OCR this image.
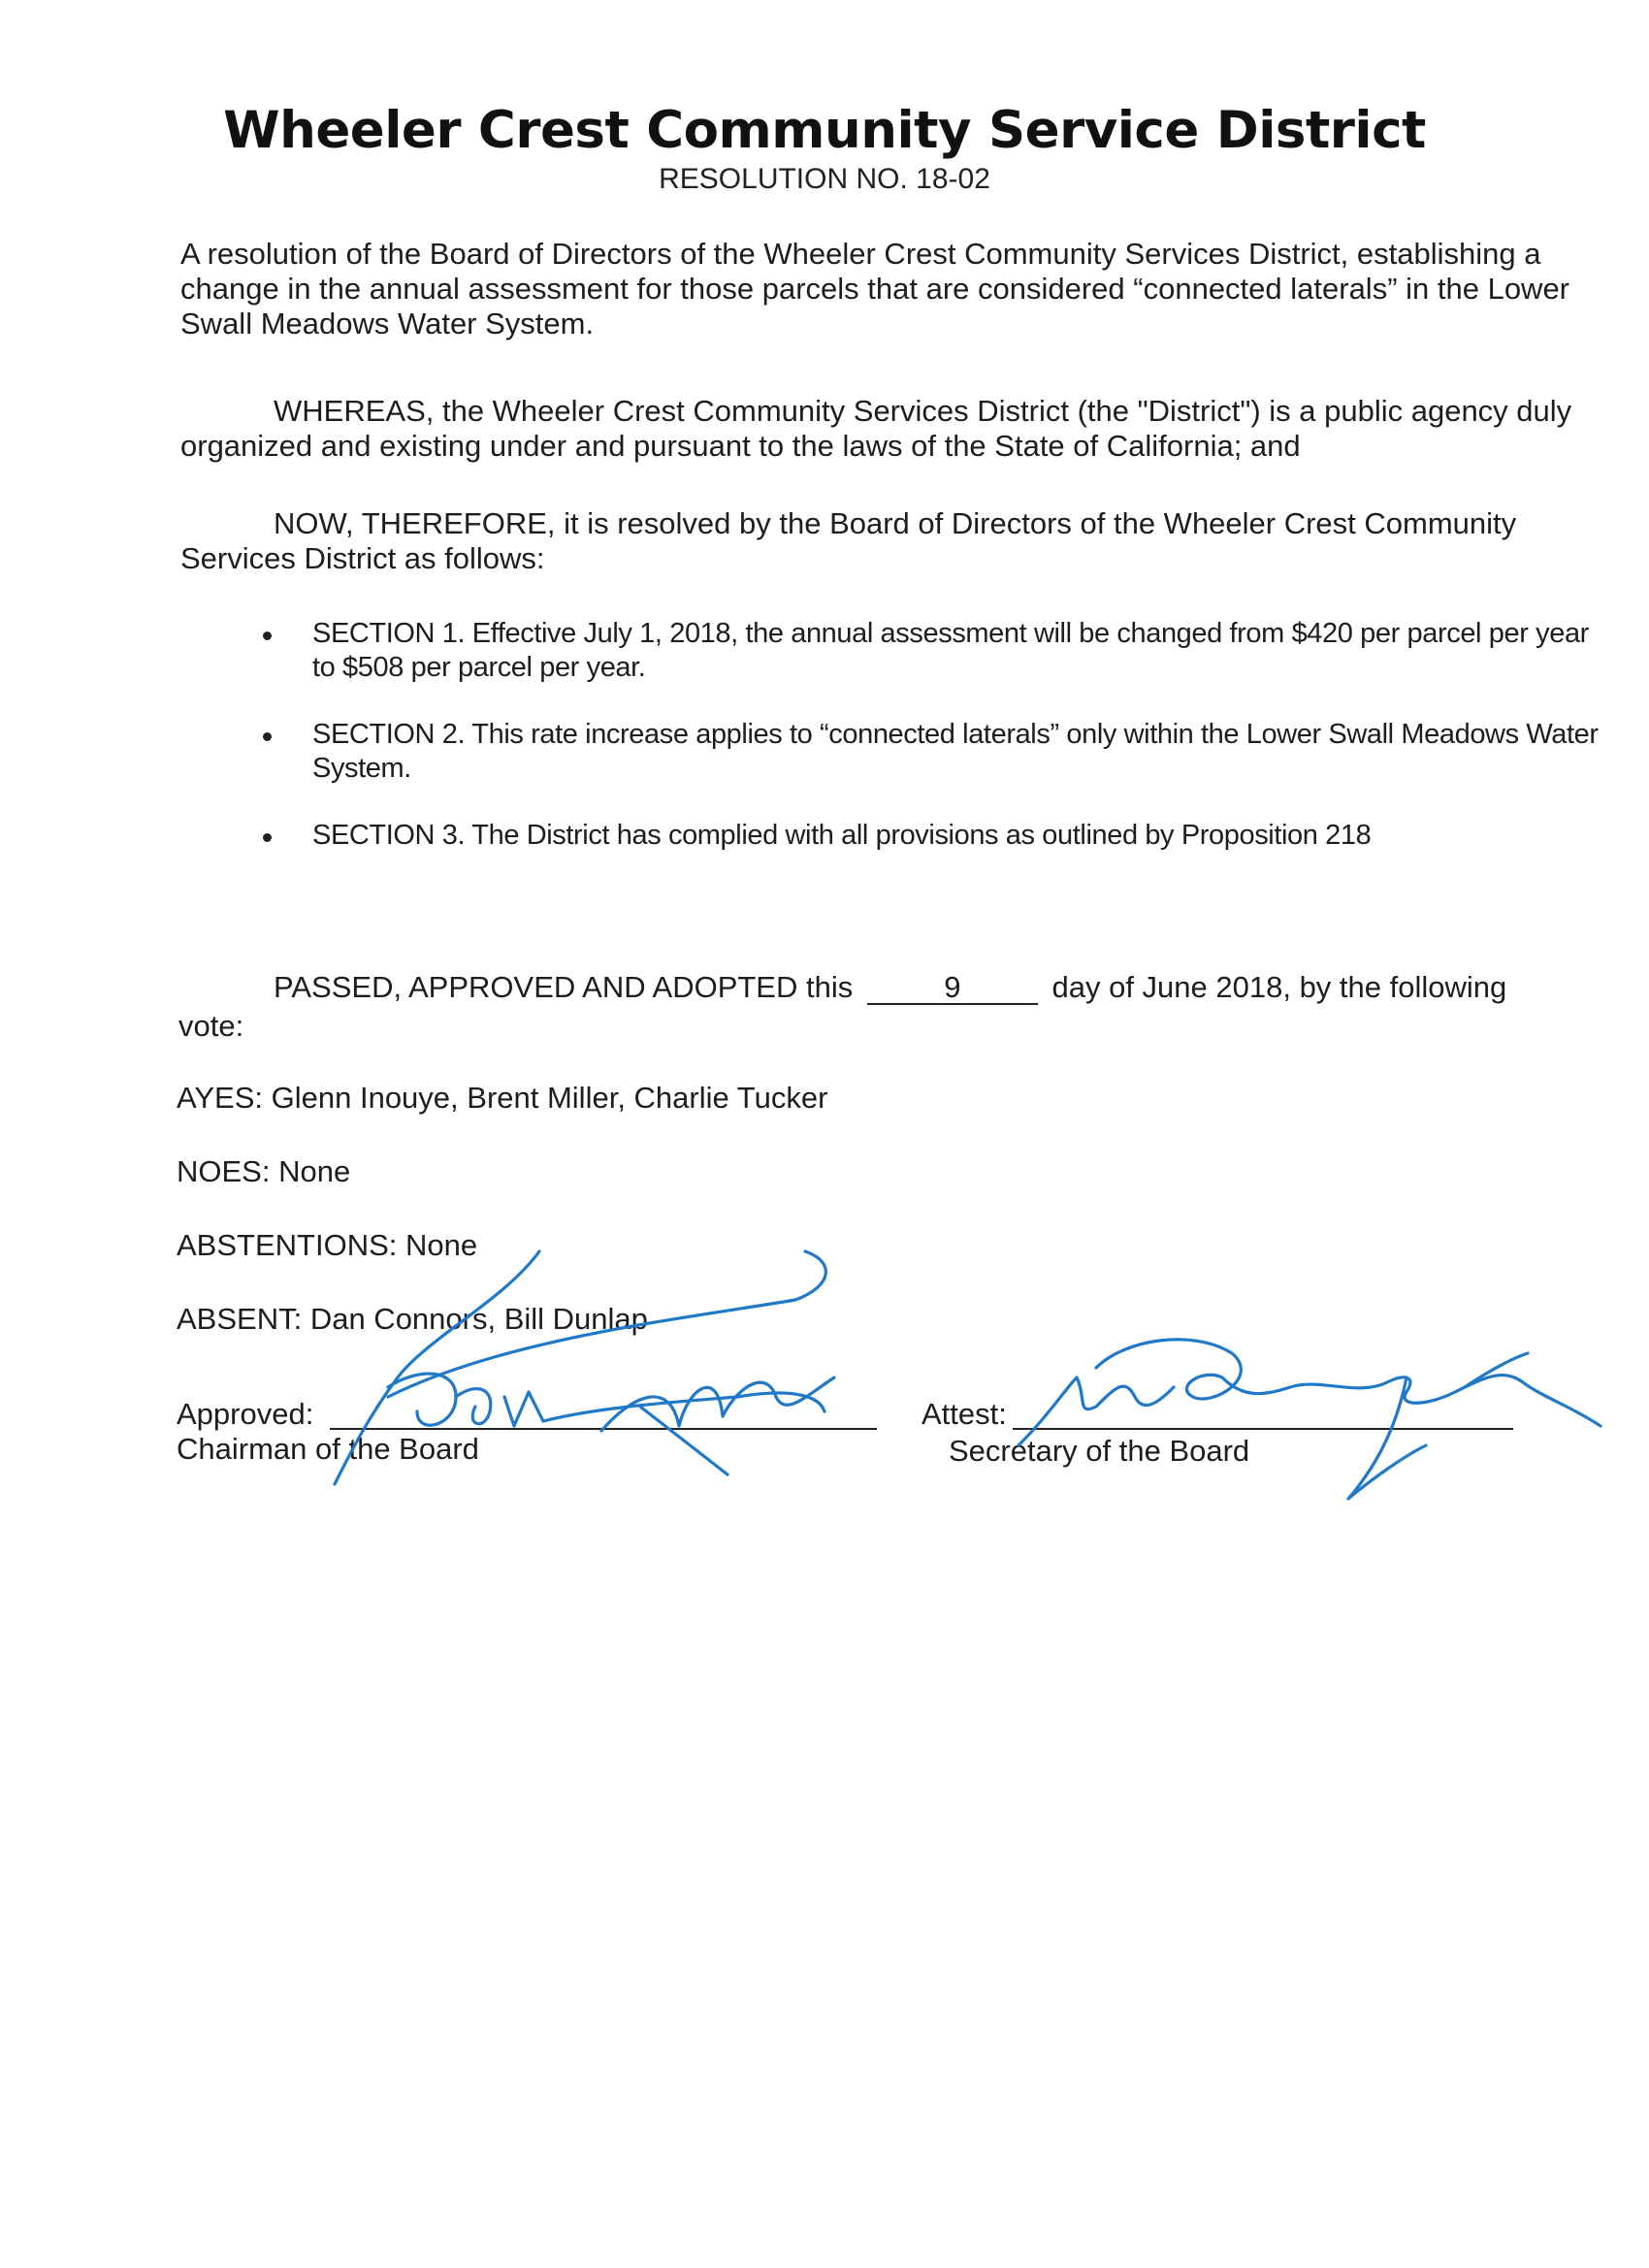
Wheeler Crest Community Service District
RESOLUTION NO. 18-02
A resolution of the Board of Directors of the Wheeler Crest Community Services District, establishing a change in the annual assessment for those parcels that are considered “connected laterals” in the Lower Swall Meadows Water System.
WHEREAS, the Wheeler Crest Community Services District (the "District") is a public agency duly organized and existing under and pursuant to the laws of the State of California; and
NOW, THEREFORE, it is resolved by the Board of Directors of the Wheeler Crest Community Services District as follows:
SECTION 1. Effective July 1, 2018, the annual assessment will be changed from $420 per parcel per year to $508 per parcel per year.
SECTION 2. This rate increase applies to “connected laterals” only within the Lower Swall Meadows Water System.
SECTION 3. The District has complied with all provisions as outlined by Proposition 218
PASSED, APPROVED AND ADOPTED this	9	day of June 2018, by the following
vote:
AYES: Glenn Inouye, Brent Miller, Charlie Tucker
NOES: None
ABSTENTIONS: None
ABSENT: Dan Connors, Bill Dunlap
Approved:
Chairman of the Board
Attest:
Secretary of the Board
